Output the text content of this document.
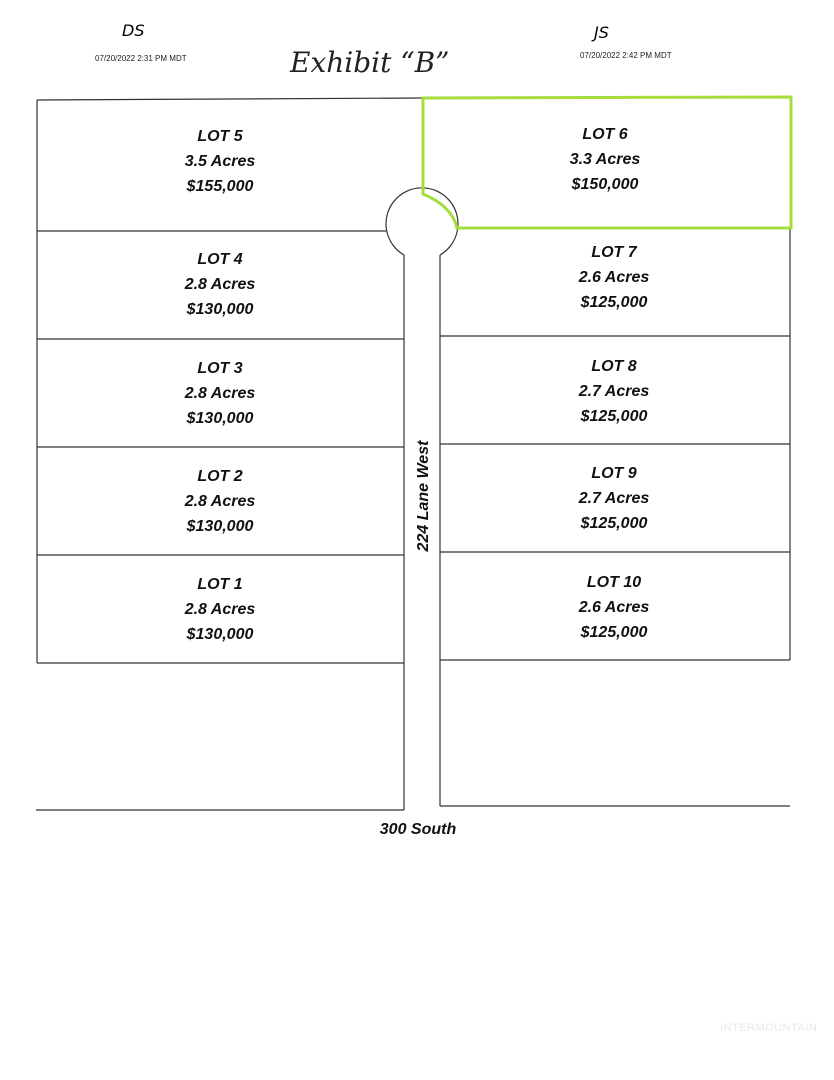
DS
07/20/2022 2:31 PM MDT
JS
07/20/2022 2:42 PM MDT
Exhibit “B”
LOT 5
3.5 Acres
$155,000
LOT 6
3.3 Acres
$150,000
LOT 4
2.8 Acres
$130,000
LOT 7
2.6 Acres
$125,000
LOT 3
2.8 Acres
$130,000
LOT 8
2.7 Acres
$125,000
LOT 2
2.8 Acres
$130,000
LOT 9
2.7 Acres
$125,000
LOT 1
2.8 Acres
$130,000
LOT 10
2.6 Acres
$125,000
224 Lane West
300 South
INTERMOUNTAIN
